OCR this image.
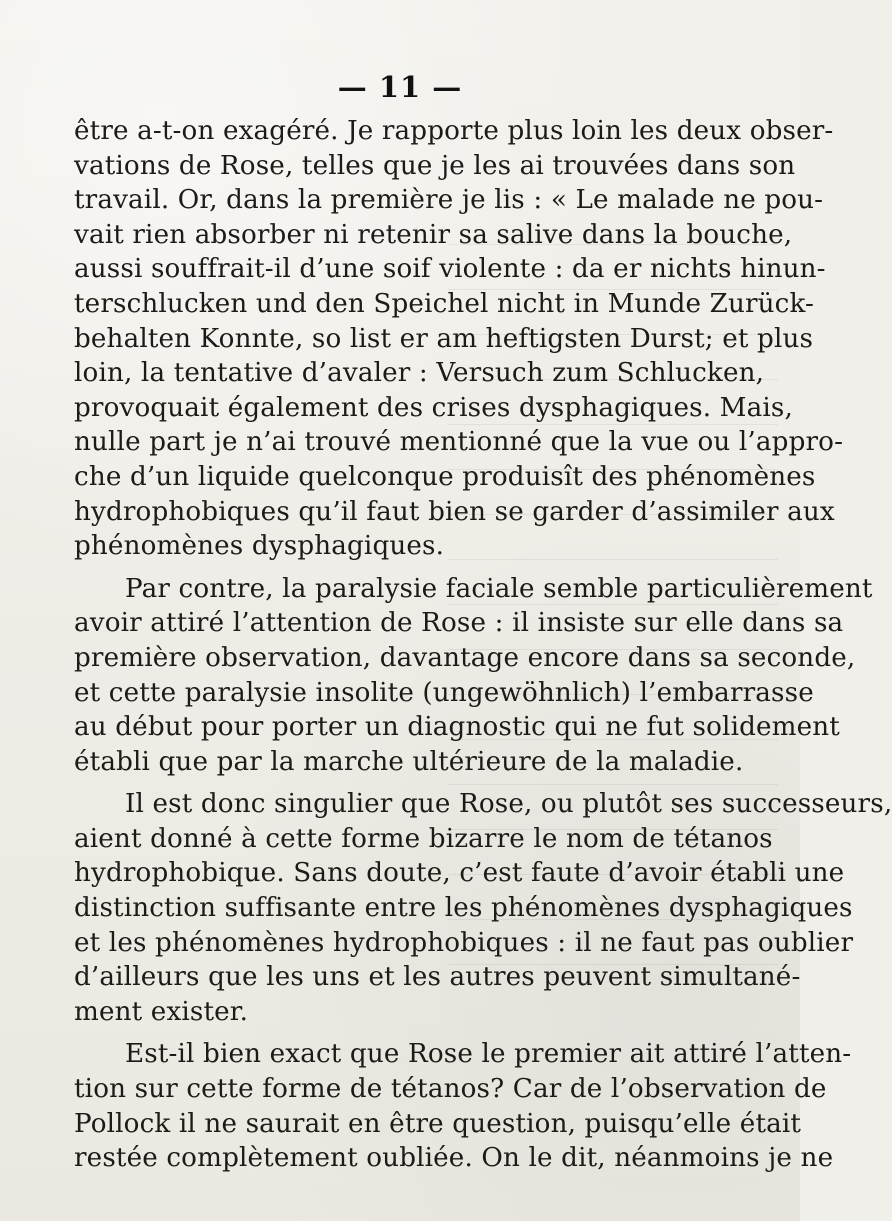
— 11 —
être a-t-on exagéré. Je rapporte plus loin les deux obser-
vations de Rose, telles que je les ai trouvées dans son
travail. Or, dans la première je lis : « Le malade ne pou-
vait rien absorber ni retenir sa salive dans la bouche,
aussi souffrait-il d’une soif violente : da er nichts hinun-
terschlucken und den Speichel nicht in Munde Zurück-
behalten Konnte, so list er am heftigsten Durst; et plus
loin, la tentative d’avaler : Versuch zum Schlucken,
provoquait également des crises dysphagiques. Mais,
nulle part je n’ai trouvé mentionné que la vue ou l’appro-
che d’un liquide quelconque produisît des phénomènes
hydrophobiques qu’il faut bien se garder d’assimiler aux
phénomènes dysphagiques.
Par contre, la paralysie faciale semble particulièrement
avoir attiré l’attention de Rose : il insiste sur elle dans sa
première observation, davantage encore dans sa seconde,
et cette paralysie insolite (ungewöhnlich) l’embarrasse
au début pour porter un diagnostic qui ne fut solidement
établi que par la marche ultérieure de la maladie.
Il est donc singulier que Rose, ou plutôt ses successeurs,
aient donné à cette forme bizarre le nom de tétanos
hydrophobique. Sans doute, c’est faute d’avoir établi une
distinction suffisante entre les phénomènes dysphagiques
et les phénomènes hydrophobiques : il ne faut pas oublier
d’ailleurs que les uns et les autres peuvent simultané-
ment exister.
Est-il bien exact que Rose le premier ait attiré l’atten-
tion sur cette forme de tétanos? Car de l’observation de
Pollock il ne saurait en être question, puisqu’elle était
restée complètement oubliée. On le dit, néanmoins je ne
